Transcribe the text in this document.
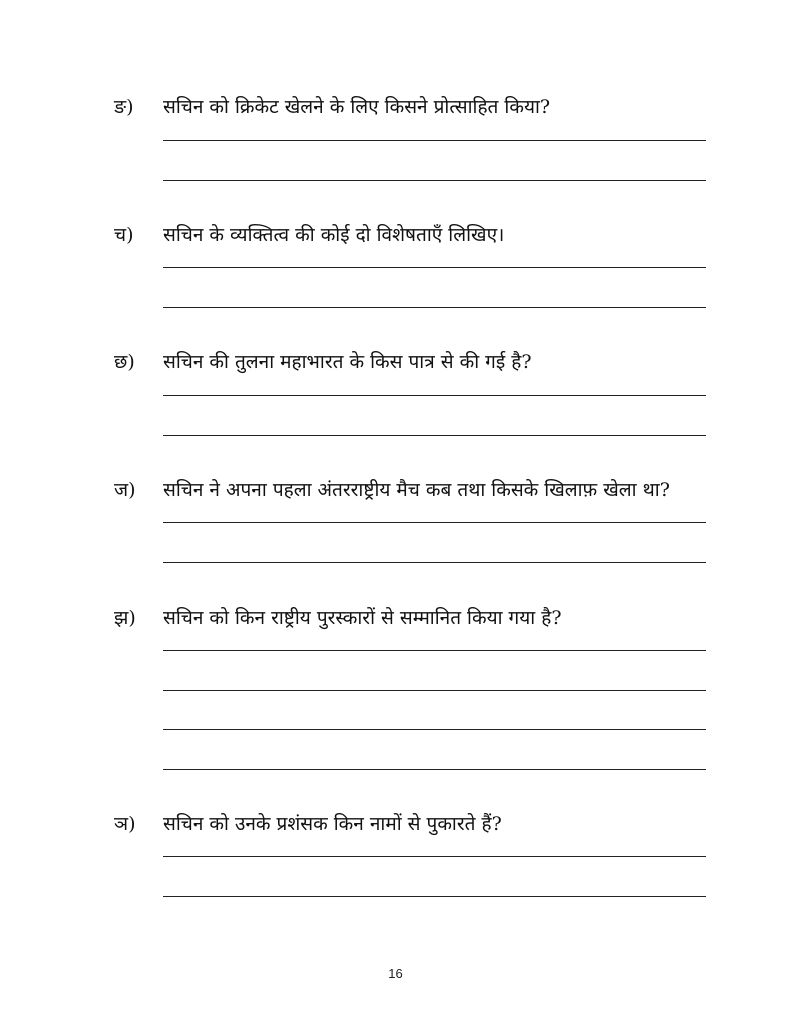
ङ) सचिन को क्रिकेट खेलने के लिए किसने प्रोत्साहित किया?
च) सचिन के व्यक्तित्व की कोई दो विशेषताएँ लिखिए।
छ) सचिन की तुलना महाभारत के किस पात्र से की गई है?
ज) सचिन ने अपना पहला अंतरराष्ट्रीय मैच कब तथा किसके खिलाफ़ खेला था?
झ) सचिन को किन राष्ट्रीय पुरस्कारों से सम्मानित किया गया है?
ञ) सचिन को उनके प्रशंसक किन नामों से पुकारते हैं?
16
